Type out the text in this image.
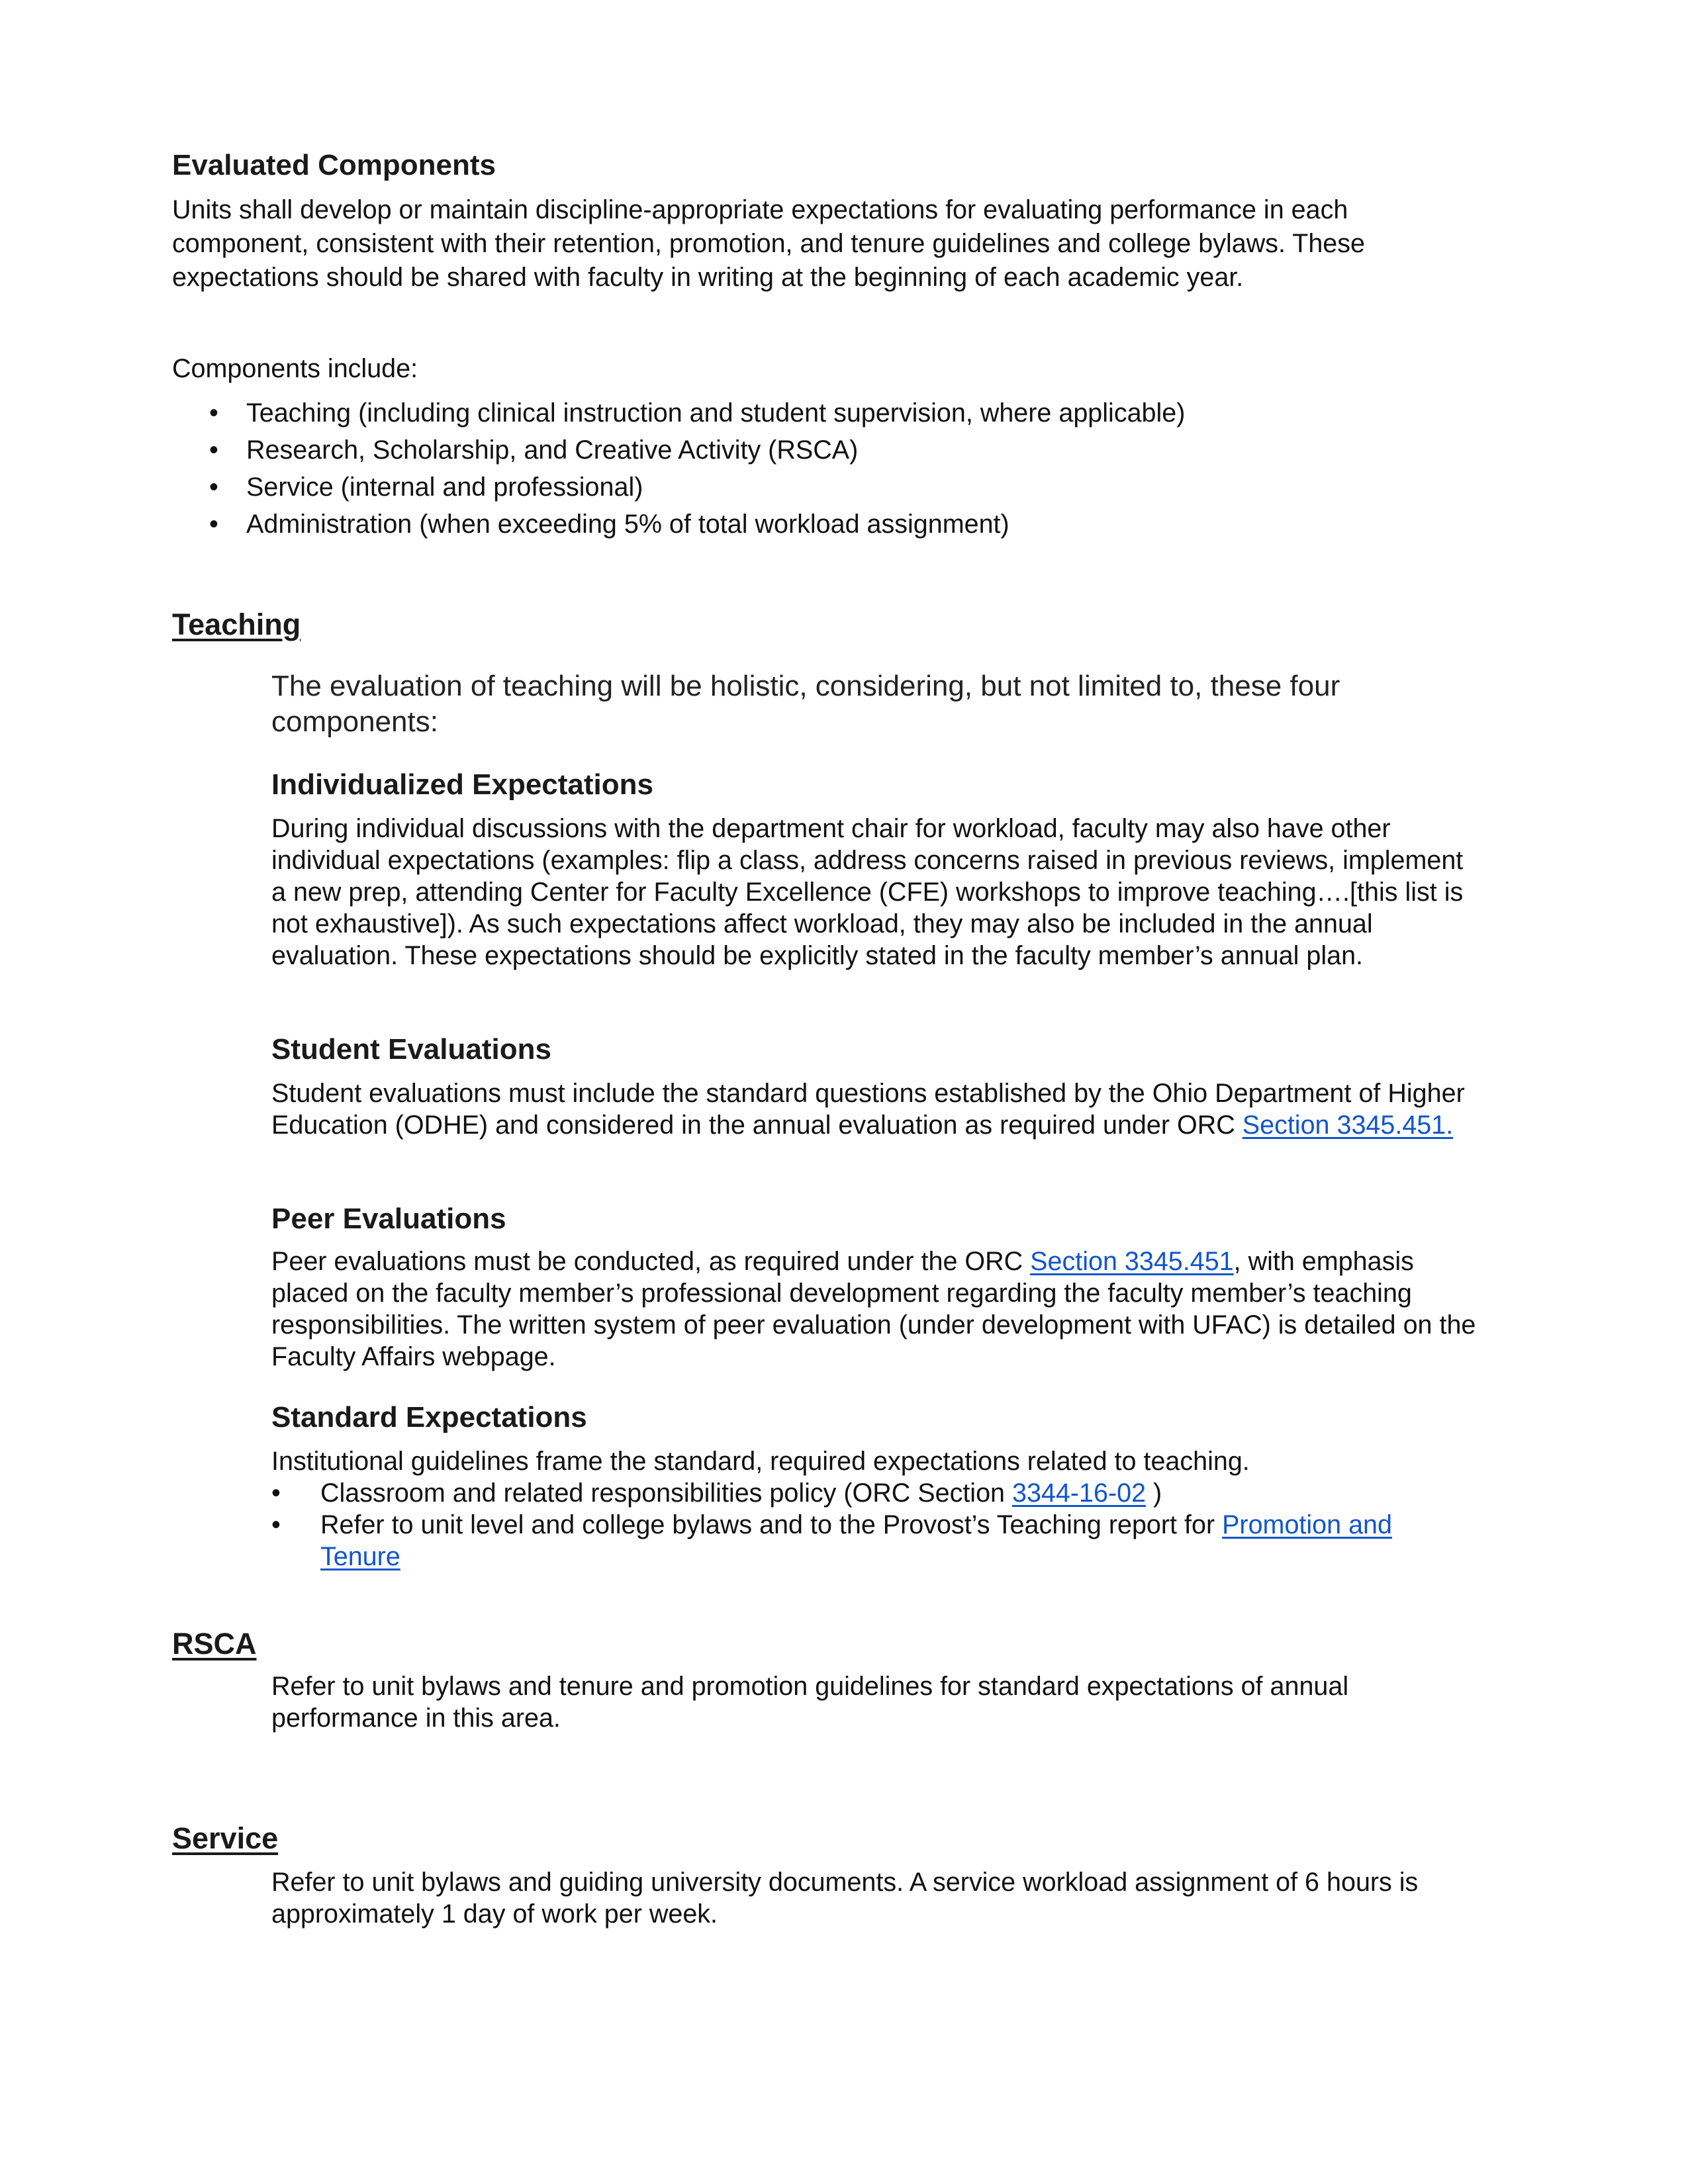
Evaluated Components

Units shall develop or maintain discipline-appropriate expectations for evaluating performance in each component, consistent with their retention, promotion, and tenure guidelines and college bylaws. These expectations should be shared with faculty in writing at the beginning of each academic year.

Components include:

• Teaching (including clinical instruction and student supervision, where applicable)
• Research, Scholarship, and Creative Activity (RSCA)
• Service (internal and professional)
• Administration (when exceeding 5% of total workload assignment)

Teaching

The evaluation of teaching will be holistic, considering, but not limited to, these four components:

Individualized Expectations

During individual discussions with the department chair for workload, faculty may also have other individual expectations (examples: flip a class, address concerns raised in previous reviews, implement a new prep, attending Center for Faculty Excellence (CFE) workshops to improve teaching….[this list is not exhaustive]). As such expectations affect workload, they may also be included in the annual evaluation. These expectations should be explicitly stated in the faculty member’s annual plan.

Student Evaluations

Student evaluations must include the standard questions established by the Ohio Department of Higher Education (ODHE) and considered in the annual evaluation as required under ORC Section 3345.451.

Peer Evaluations

Peer evaluations must be conducted, as required under the ORC Section 3345.451, with emphasis placed on the faculty member’s professional development regarding the faculty member’s teaching responsibilities. The written system of peer evaluation (under development with UFAC) is detailed on the Faculty Affairs webpage.

Standard Expectations

Institutional guidelines frame the standard, required expectations related to teaching.

• Classroom and related responsibilities policy (ORC Section 3344-16-02 )
• Refer to unit level and college bylaws and to the Provost’s Teaching report for Promotion and Tenure

RSCA

Refer to unit bylaws and tenure and promotion guidelines for standard expectations of annual performance in this area.

Service

Refer to unit bylaws and guiding university documents. A service workload assignment of 6 hours is approximately 1 day of work per week.
